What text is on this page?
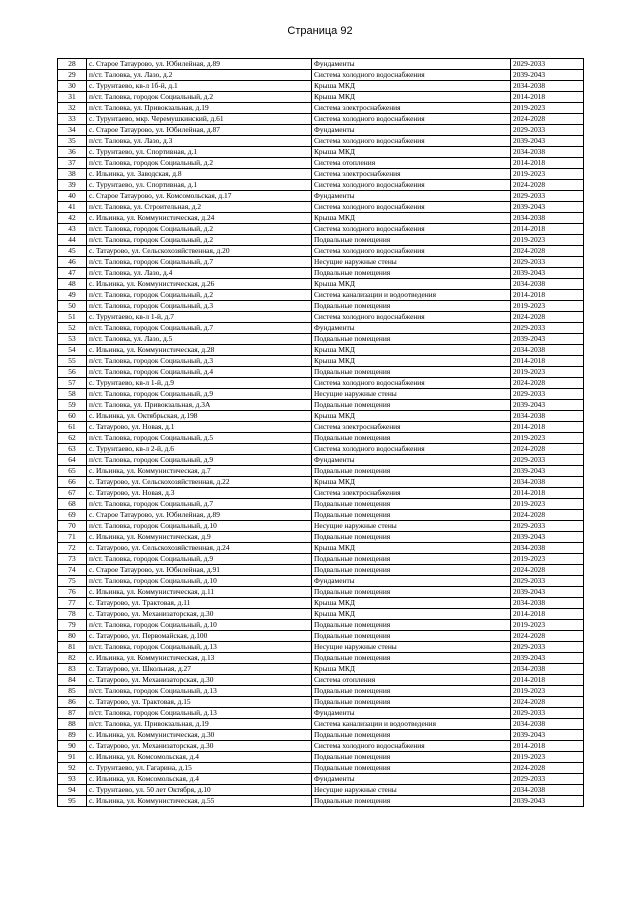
Страница 92
28	с. Старое Татаурово, ул. Юбилейная, д.89	Фундаменты	2029-2033
29	п/ст. Таловка, ул. Лазо, д.2	Система холодного водоснабжения	2039-2043
30	с. Турунтаево, кв-л 1б-й, д.1	Крыша МКД	2034-2038
31	п/ст. Таловка, городок Социальный, д.2	Крыша МКД	2014-2018
32	п/ст. Таловка, ул. Привокзальная, д.19	Система электроснабжения	2019-2023
33	с. Турунтаево, мкр. Черемушкинский, д.61	Система холодного водоснабжения	2024-2028
34	с. Старое Татаурово, ул. Юбилейная, д.87	Фундаменты	2029-2033
35	п/ст. Таловка, ул. Лазо, д.3	Система холодного водоснабжения	2039-2043
36	с. Турунтаево, ул. Спортивная, д.1	Крыша МКД	2034-2038
37	п/ст. Таловка, городок Социальный, д.2	Система отопления	2014-2018
38	с. Ильинка, ул. Заводская, д.8	Система электроснабжения	2019-2023
39	с. Турунтаево, ул. Спортивная, д.1	Система холодного водоснабжения	2024-2028
40	с. Старое Татаурово, ул. Комсомольская, д.17	Фундаменты	2029-2033
41	п/ст. Таловка, ул. Строительная, д.2	Система холодного водоснабжения	2039-2043
42	с. Ильинка, ул. Коммунистическая, д.24	Крыша МКД	2034-2038
43	п/ст. Таловка, городок Социальный, д.2	Система холодного водоснабжения	2014-2018
44	п/ст. Таловка, городок Социальный, д.2	Подвальные помещения	2019-2023
45	с. Татаурово, ул. Сельскохозяйственная, д.20	Система холодного водоснабжения	2024-2028
46	п/ст. Таловка, городок Социальный, д.7	Несущие наружные стены	2029-2033
47	п/ст. Таловка, ул. Лазо, д.4	Подвальные помещения	2039-2043
48	с. Ильинка, ул. Коммунистическая, д.26	Крыша МКД	2034-2038
49	п/ст. Таловка, городок Социальный, д.2	Система канализации и водоотведения	2014-2018
50	п/ст. Таловка, городок Социальный, д.3	Подвальные помещения	2019-2023
51	с. Турунтаево, кв-л 1-й, д.7	Система холодного водоснабжения	2024-2028
52	п/ст. Таловка, городок Социальный, д.7	Фундаменты	2029-2033
53	п/ст. Таловка, ул. Лазо, д.5	Подвальные помещения	2039-2043
54	с. Ильинка, ул. Коммунистическая, д.28	Крыша МКД	2034-2038
55	п/ст. Таловка, городок Социальный, д.3	Крыша МКД	2014-2018
56	п/ст. Таловка, городок Социальный, д.4	Подвальные помещения	2019-2023
57	с. Турунтаево, кв-л 1-й, д.9	Система холодного водоснабжения	2024-2028
58	п/ст. Таловка, городок Социальный, д.9	Несущие наружные стены	2029-2033
59	п/ст. Таловка, ул. Привокзальная, д.3А	Подвальные помещения	2039-2043
60	с. Ильинка, ул. Октябрьская, д.198	Крыша МКД	2034-2038
61	с. Татаурово, ул. Новая, д.1	Система электроснабжения	2014-2018
62	п/ст. Таловка, городок Социальный, д.5	Подвальные помещения	2019-2023
63	с. Турунтаево, кв-л 2-й, д.6	Система холодного водоснабжения	2024-2028
64	п/ст. Таловка, городок Социальный, д.9	Фундаменты	2029-2033
65	с. Ильинка, ул. Коммунистическая, д.7	Подвальные помещения	2039-2043
66	с. Татаурово, ул. Сельскохозяйственная, д.22	Крыша МКД	2034-2038
67	с. Татаурово, ул. Новая, д.3	Система электроснабжения	2014-2018
68	п/ст. Таловка, городок Социальный, д.7	Подвальные помещения	2019-2023
69	с. Старое Татаурово, ул. Юбилейная, д.89	Подвальные помещения	2024-2028
70	п/ст. Таловка, городок Социальный, д.10	Несущие наружные стены	2029-2033
71	с. Ильинка, ул. Коммунистическая, д.9	Подвальные помещения	2039-2043
72	с. Татаурово, ул. Сельскохозяйственная, д.24	Крыша МКД	2034-2038
73	п/ст. Таловка, городок Социальный, д.9	Подвальные помещения	2019-2023
74	с. Старое Татаурово, ул. Юбилейная, д.91	Подвальные помещения	2024-2028
75	п/ст. Таловка, городок Социальный, д.10	Фундаменты	2029-2033
76	с. Ильинка, ул. Коммунистическая, д.11	Подвальные помещения	2039-2043
77	с. Татаурово, ул. Трактовая, д.11	Крыша МКД	2034-2038
78	с. Татаурово, ул. Механизаторская, д.30	Крыша МКД	2014-2018
79	п/ст. Таловка, городок Социальный, д.10	Подвальные помещения	2019-2023
80	с. Татаурово, ул. Первомайская, д.100	Подвальные помещения	2024-2028
81	п/ст. Таловка, городок Социальный, д.13	Несущие наружные стены	2029-2033
82	с. Ильинка, ул. Коммунистическая, д.13	Подвальные помещения	2039-2043
83	с. Татаурово, ул. Школьная, д.27	Крыша МКД	2034-2038
84	с. Татаурово, ул. Механизаторская, д.30	Система отопления	2014-2018
85	п/ст. Таловка, городок Социальный, д.13	Подвальные помещения	2019-2023
86	с. Татаурово, ул. Трактовая, д.15	Подвальные помещения	2024-2028
87	п/ст. Таловка, городок Социальный, д.13	Фундаменты	2029-2033
88	п/ст. Таловка, ул. Привокзальная, д.19	Система канализации и водоотведения	2034-2038
89	с. Ильинка, ул. Коммунистическая, д.30	Подвальные помещения	2039-2043
90	с. Татаурово, ул. Механизаторская, д.30	Система холодного водоснабжения	2014-2018
91	с. Ильинка, ул. Комсомольская, д.4	Подвальные помещения	2019-2023
92	с. Турунтаево, ул. Гагарина, д.15	Подвальные помещения	2024-2028
93	с. Ильинка, ул. Комсомольская, д.4	Фундаменты	2029-2033
94	с. Турунтаево, ул. 50 лет Октября, д.10	Несущие наружные стены	2034-2038
95	с. Ильинка, ул. Коммунистическая, д.55	Подвальные помещения	2039-2043
